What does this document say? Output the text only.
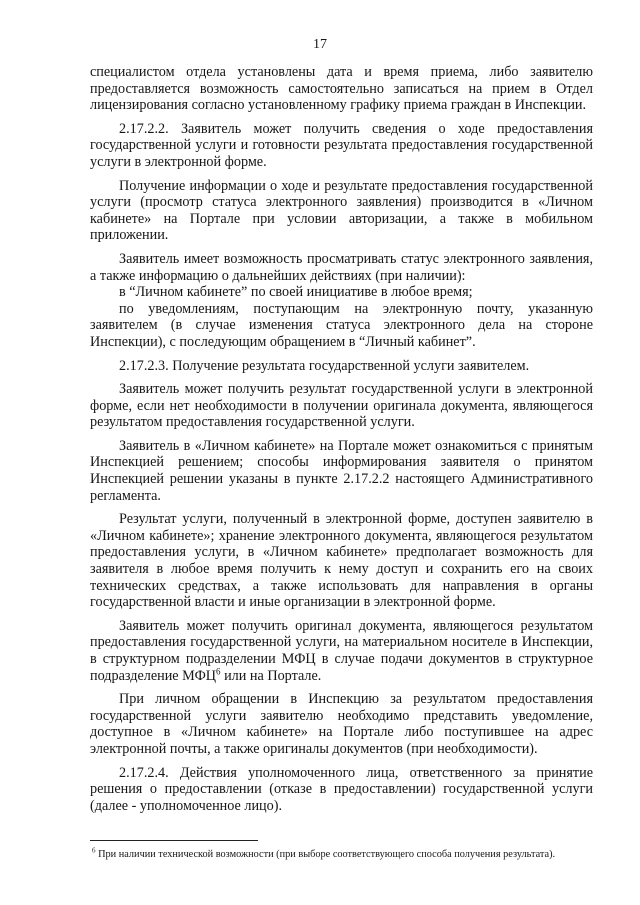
17

специалистом отдела установлены дата и время приема, либо заявителю предоставляется возможность самостоятельно записаться на прием в Отдел лицензирования согласно установленному графику приема граждан в Инспекции.

2.17.2.2. Заявитель может получить сведения о ходе предоставления государственной услуги и готовности результата предоставления государственной услуги в электронной форме.

Получение информации о ходе и результате предоставления государственной услуги (просмотр статуса электронного заявления) производится в «Личном кабинете» на Портале при условии авторизации, а также в мобильном приложении.

Заявитель имеет возможность просматривать статус электронного заявления, а также информацию о дальнейших действиях (при наличии):

в “Личном кабинете” по своей инициативе в любое время;

по уведомлениям, поступающим на электронную почту, указанную заявителем (в случае изменения статуса электронного дела на стороне Инспекции), с последующим обращением в “Личный кабинет”.

2.17.2.3. Получение результата государственной услуги заявителем.

Заявитель может получить результат государственной услуги в электронной форме, если нет необходимости в получении оригинала документа, являющегося результатом предоставления государственной услуги.

Заявитель в «Личном кабинете» на Портале может ознакомиться с принятым Инспекцией решением; способы информирования заявителя о принятом Инспекцией решении указаны в пункте 2.17.2.2 настоящего Административного регламента.

Результат услуги, полученный в электронной форме, доступен заявителю в «Личном кабинете»; хранение электронного документа, являющегося результатом предоставления услуги, в «Личном кабинете» предполагает возможность для заявителя в любое время получить к нему доступ и сохранить его на своих технических средствах, а также использовать для направления в органы государственной власти и иные организации в электронной форме.

Заявитель может получить оригинал документа, являющегося результатом предоставления государственной услуги, на материальном носителе в Инспекции, в структурном подразделении МФЦ в случае подачи документов в структурное подразделение МФЦ$^6$ или на Портале.

При личном обращении в Инспекцию за результатом предоставления государственной услуги заявителю необходимо представить уведомление, доступное в «Личном кабинете» на Портале либо поступившее на адрес электронной почты, а также оригиналы документов (при необходимости).

2.17.2.4. Действия уполномоченного лица, ответственного за принятие решения о предоставлении (отказе в предоставлении) государственной услуги (далее - уполномоченное лицо).

$^6$ При наличии технической возможности (при выборе соответствующего способа получения результата).
